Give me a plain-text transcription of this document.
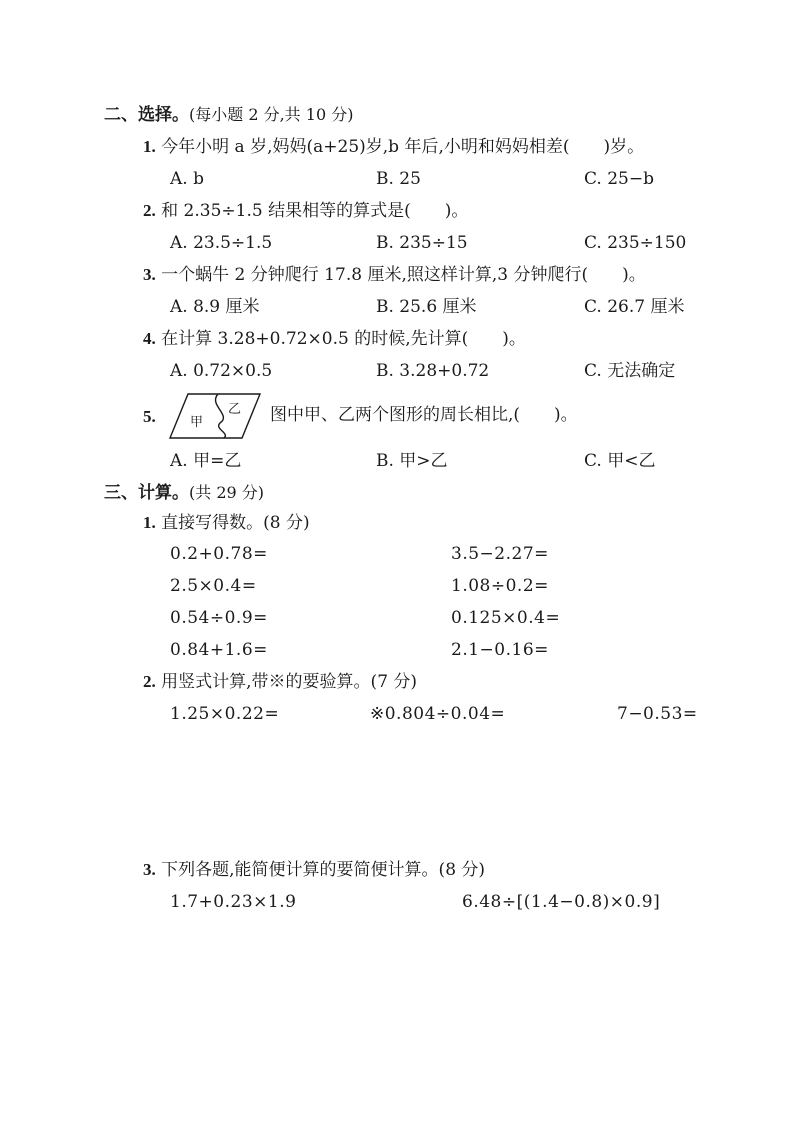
二、选择。(每小题 2 分,共 10 分)
1. 今年小明 a 岁,妈妈(a+25)岁,b 年后,小明和妈妈相差(　　)岁。
A. b	B. 25	C. 25−b
2. 和 2.35÷1.5 结果相等的算式是(　　)。
A. 23.5÷1.5	B. 235÷15	C. 235÷150
3. 一个蜗牛 2 分钟爬行 17.8 厘米,照这样计算,3 分钟爬行(　　)。
A. 8.9 厘米	B. 25.6 厘米	C. 26.7 厘米
4. 在计算 3.28+0.72×0.5 的时候,先计算(　　)。
A. 0.72×0.5	B. 3.28+0.72	C. 无法确定
5.	甲
乙 图中甲、乙两个图形的周长相比,(　　)。
A. 甲=乙	B. 甲>乙	C. 甲<乙
三、计算。(共 29 分)
1. 直接写得数。(8 分)
0.2+0.78=	3.5−2.27=
2.5×0.4=	1.08÷0.2=
0.54÷0.9=	0.125×0.4=
0.84+1.6=	2.1−0.16=
2. 用竖式计算,带※的要验算。(7 分)
1.25×0.22=	※0.804÷0.04=	7−0.53=
3. 下列各题,能简便计算的要简便计算。(8 分)
1.7+0.23×1.9	6.48÷[(1.4−0.8)×0.9]
